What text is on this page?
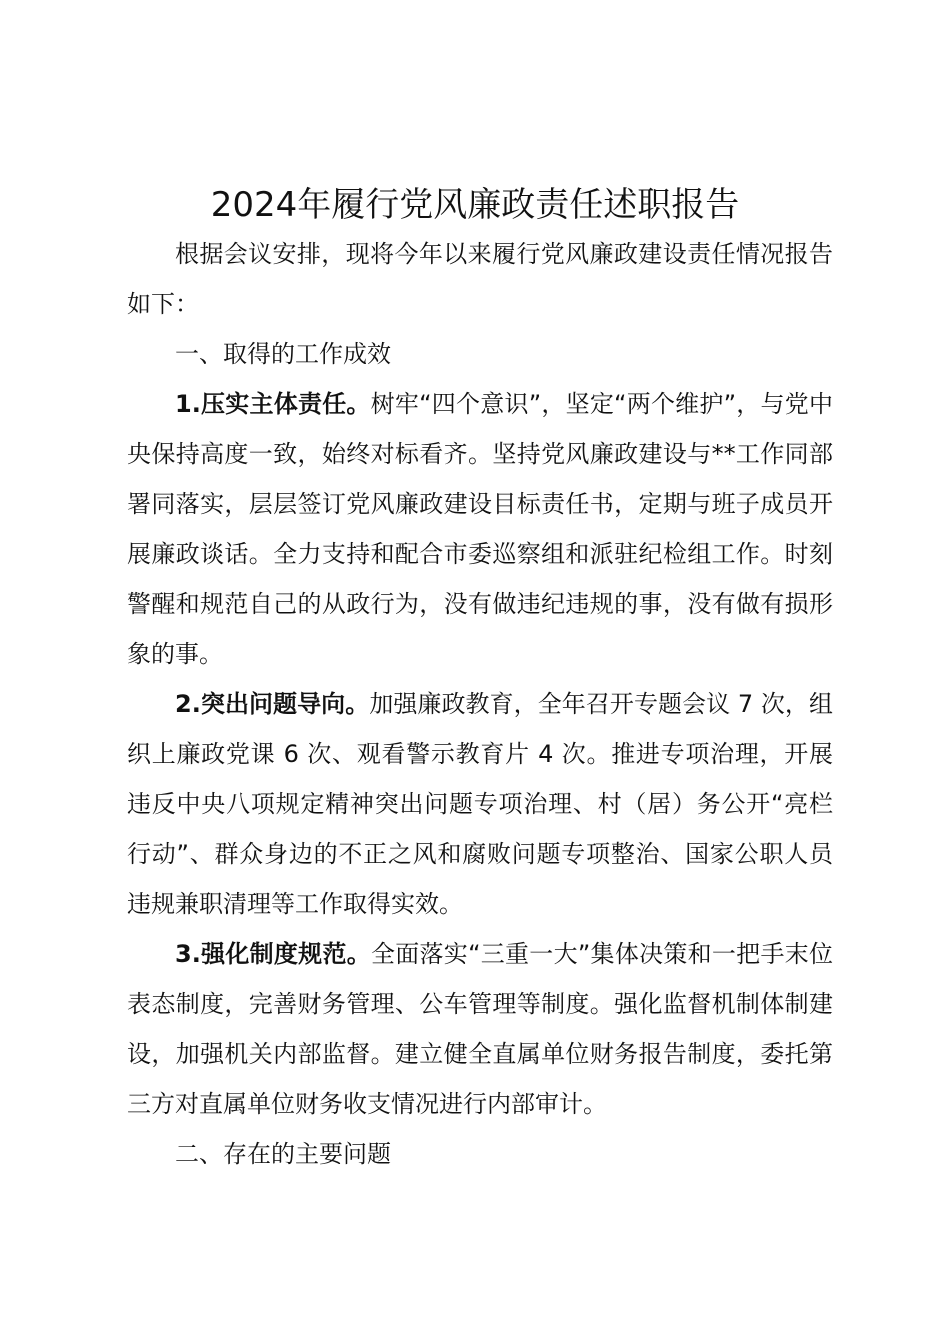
2024年履行党风廉政责任述职报告

根据会议安排，现将今年以来履行党风廉政建设责任情况报告如下：

一、取得的工作成效

1.压实主体责任。树牢“四个意识”，坚定“两个维护”，与党中央保持高度一致，始终对标看齐。坚持党风廉政建设与**工作同部署同落实，层层签订党风廉政建设目标责任书，定期与班子成员开展廉政谈话。全力支持和配合市委巡察组和派驻纪检组工作。时刻警醒和规范自己的从政行为，没有做违纪违规的事，没有做有损形象的事。

2.突出问题导向。加强廉政教育，全年召开专题会议 7 次，组织上廉政党课 6 次、观看警示教育片 4 次。推进专项治理，开展违反中央八项规定精神突出问题专项治理、村（居）务公开“亮栏行动”、群众身边的不正之风和腐败问题专项整治、国家公职人员违规兼职清理等工作取得实效。

3.强化制度规范。全面落实“三重一大”集体决策和一把手末位表态制度，完善财务管理、公车管理等制度。强化监督机制体制建设，加强机关内部监督。建立健全直属单位财务报告制度，委托第三方对直属单位财务收支情况进行内部审计。

二、存在的主要问题
